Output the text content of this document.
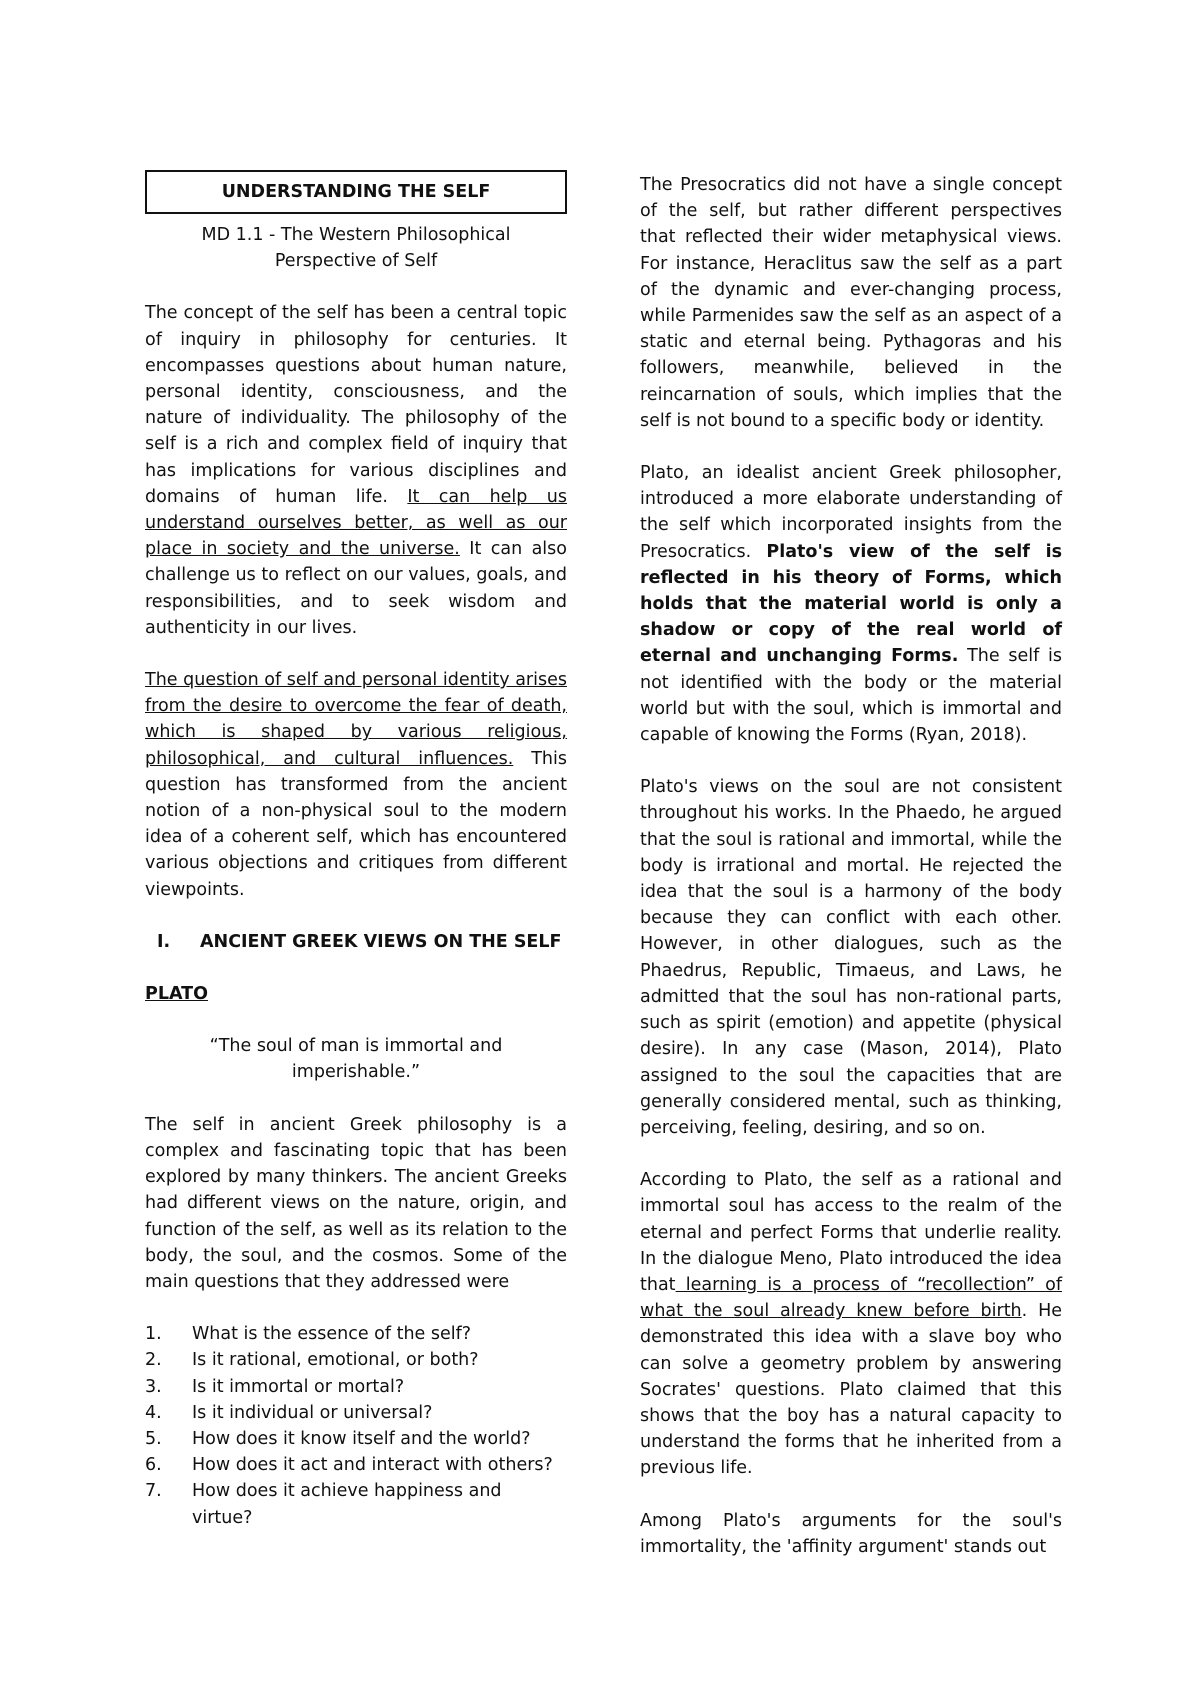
UNDERSTANDING THE SELF
MD 1.1 - The Western Philosophical
Perspective of Self

The concept of the self has been a central topic of inquiry in philosophy for centuries. It encompasses questions about human nature, personal identity, consciousness, and the nature of individuality. The philosophy of the self is a rich and complex field of inquiry that has implications for various disciplines and domains of human life. It can help us understand ourselves better, as well as our place in society and the universe. It can also challenge us to reflect on our values, goals, and responsibilities, and to seek wisdom and authenticity in our lives.

The question of self and personal identity arises from the desire to overcome the fear of death, which is shaped by various religious, philosophical, and cultural influences. This question has transformed from the ancient notion of a non-physical soul to the modern idea of a coherent self, which has encountered various objections and critiques from different viewpoints.

I.	ANCIENT GREEK VIEWS ON THE SELF
PLATO
“The soul of man is immortal and
imperishable.”

The self in ancient Greek philosophy is a complex and fascinating topic that has been explored by many thinkers. The ancient Greeks had different views on the nature, origin, and function of the self, as well as its relation to the body, the soul, and the cosmos. Some of the main questions that they addressed were

1.	What is the essence of the self?
2.	Is it rational, emotional, or both?
3.	Is it immortal or mortal?
4.	Is it individual or universal?
5.	How does it know itself and the world?
6.	How does it act and interact with others?
7.	How does it achieve happiness and virtue?

The Presocratics did not have a single concept of the self, but rather different perspectives that reflected their wider metaphysical views. For instance, Heraclitus saw the self as a part of the dynamic and ever-changing process, while Parmenides saw the self as an aspect of a static and eternal being. Pythagoras and his followers, meanwhile, believed in the reincarnation of souls, which implies that the self is not bound to a specific body or identity.

Plato, an idealist ancient Greek philosopher, introduced a more elaborate understanding of the self which incorporated insights from the Presocratics. Plato's view of the self is reflected in his theory of Forms, which holds that the material world is only a shadow or copy of the real world of eternal and unchanging Forms. The self is not identified with the body or the material world but with the soul, which is immortal and capable of knowing the Forms (Ryan, 2018).

Plato's views on the soul are not consistent throughout his works. In the Phaedo, he argued that the soul is rational and immortal, while the body is irrational and mortal. He rejected the idea that the soul is a harmony of the body because they can conflict with each other. However, in other dialogues, such as the Phaedrus, Republic, Timaeus, and Laws, he admitted that the soul has non-rational parts, such as spirit (emotion) and appetite (physical desire). In any case (Mason, 2014), Plato assigned to the soul the capacities that are generally considered mental, such as thinking, perceiving, feeling, desiring, and so on.

According to Plato, the self as a rational and immortal soul has access to the realm of the eternal and perfect Forms that underlie reality. In the dialogue Meno, Plato introduced the idea that learning is a process of “recollection” of what the soul already knew before birth. He demonstrated this idea with a slave boy who can solve a geometry problem by answering Socrates' questions. Plato claimed that this shows that the boy has a natural capacity to understand the forms that he inherited from a previous life.

Among Plato's arguments for the soul's immortality, the 'affinity argument' stands out
